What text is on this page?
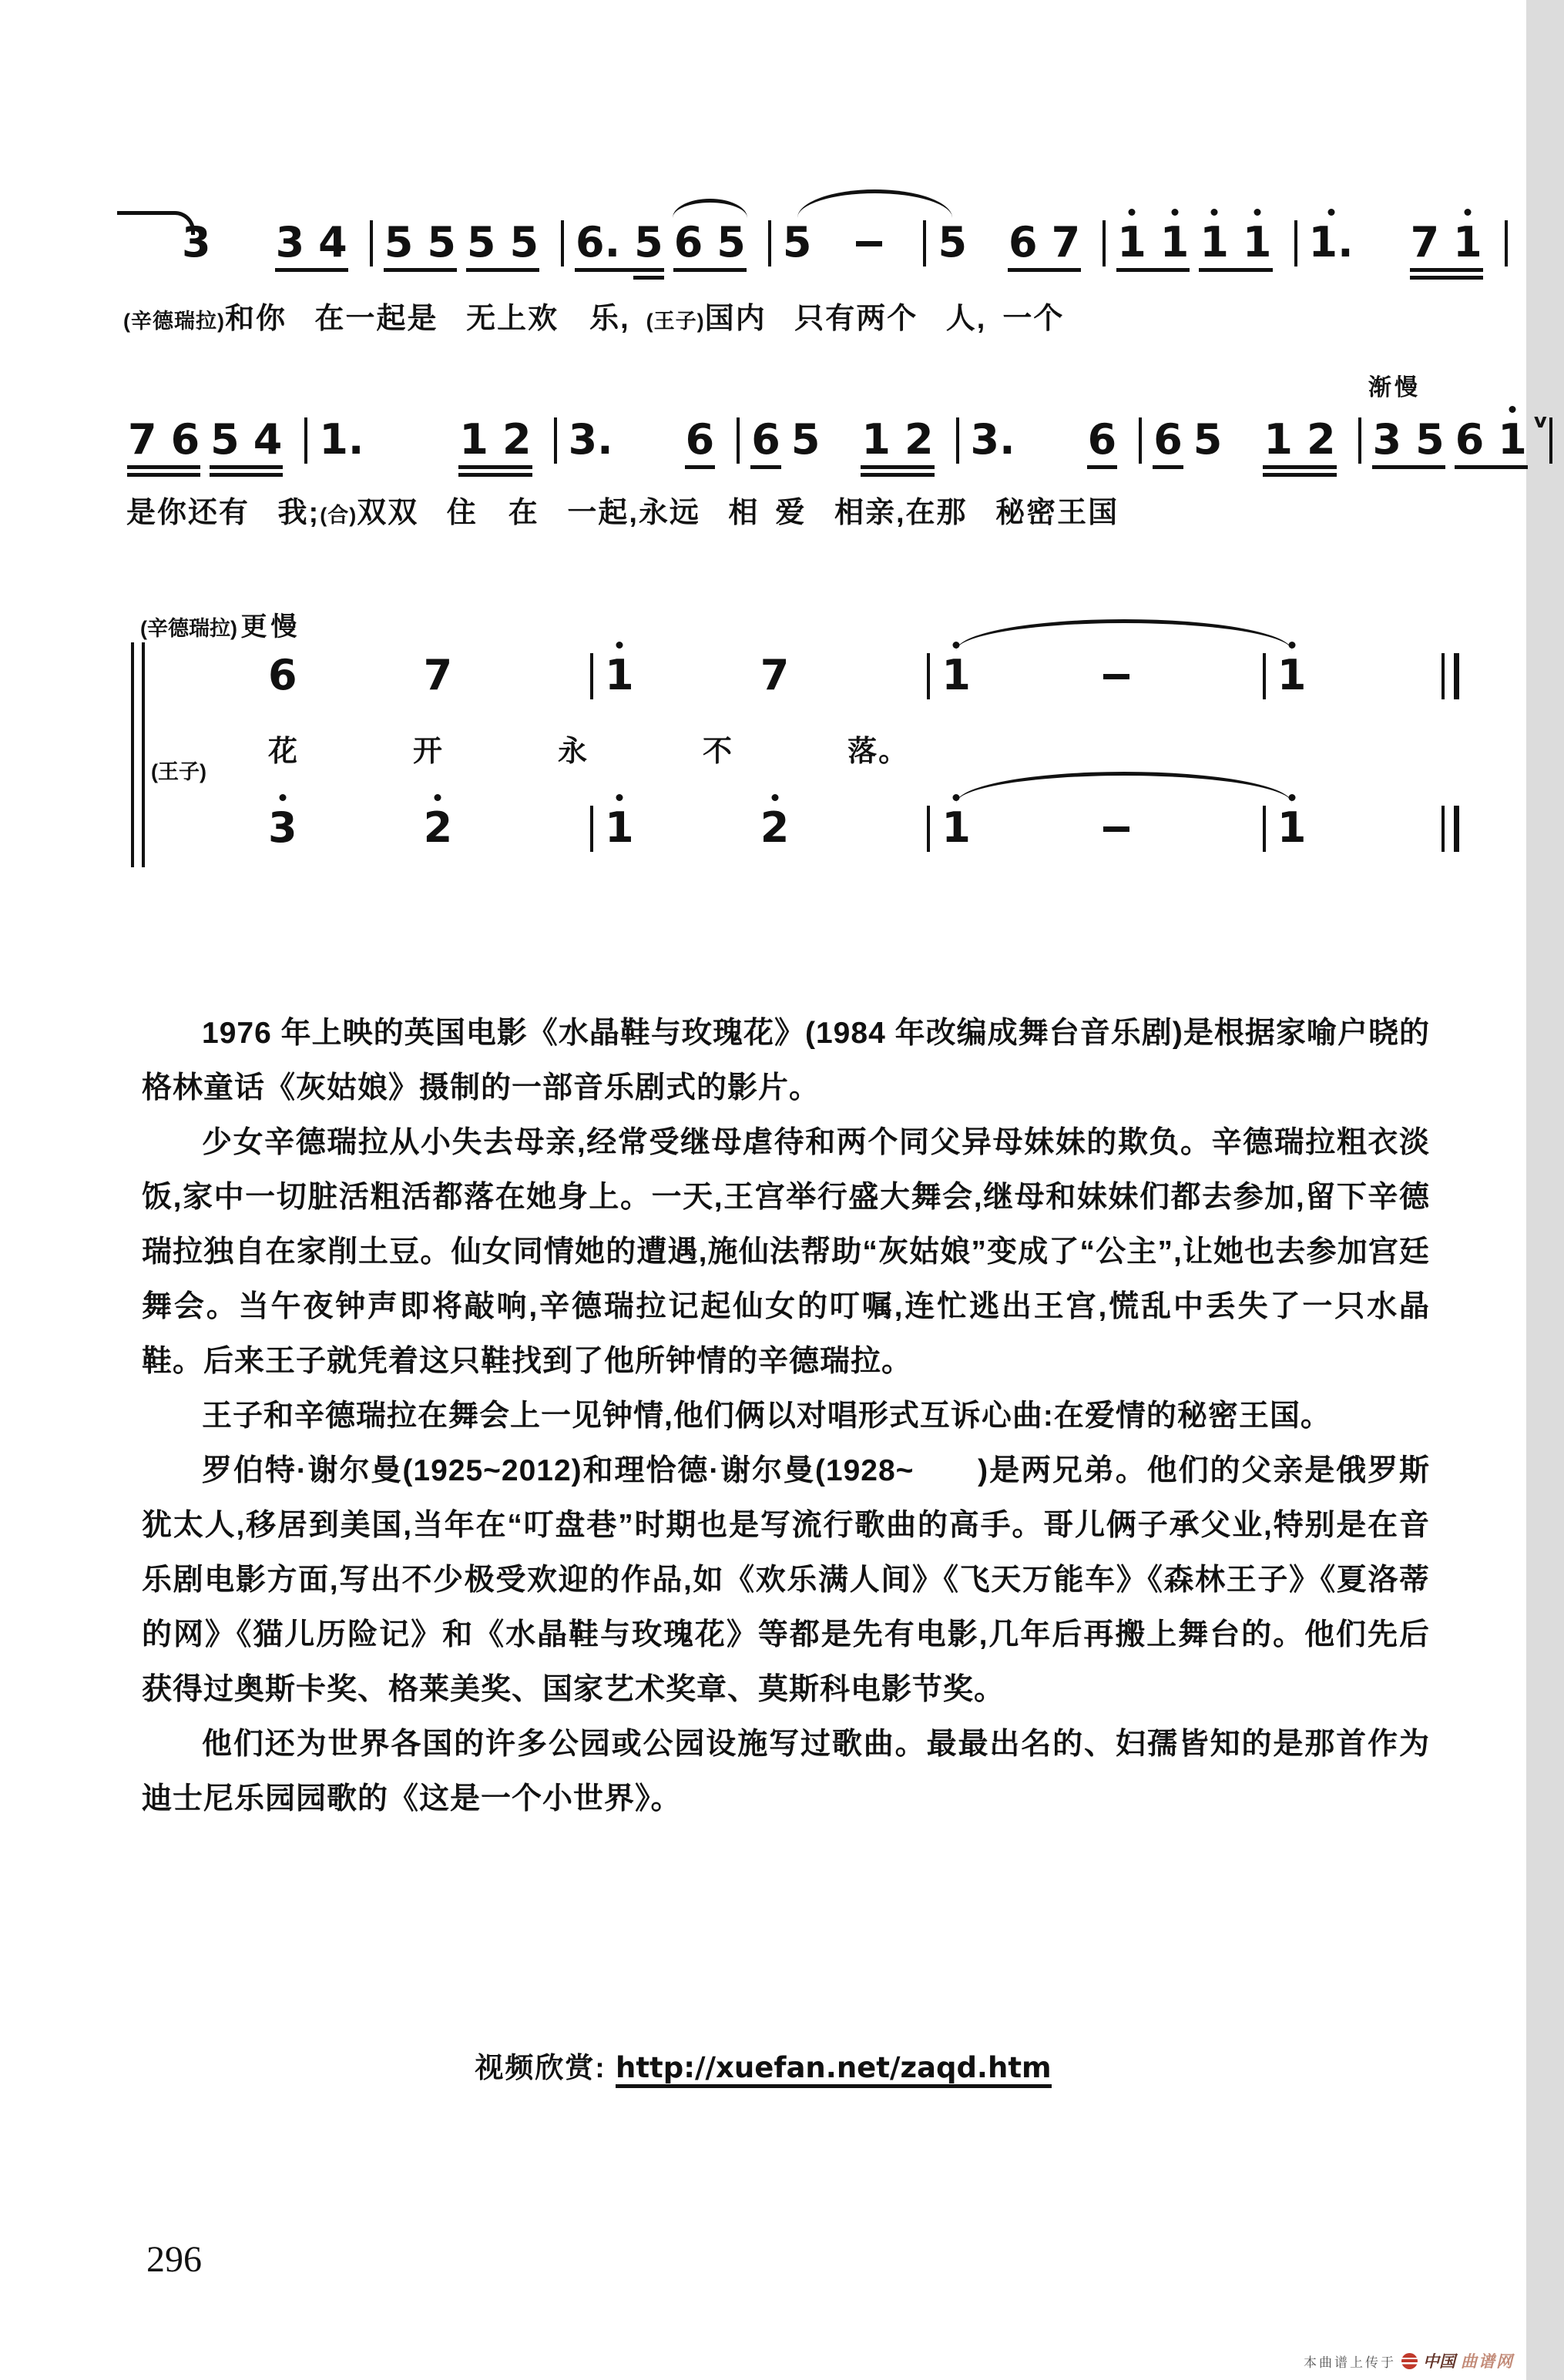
3 3 4 5 5 5 5 6. 5 6 5 5	5 6 7 1 1 1 1 1. 7 1
(辛德瑞拉)和你 在一起是 无上欢 乐, (王子)国内 只有两个 人, 一个
7 6 5 4 1. 1 2 3. 6 6 5 1 2 3. 6 6 5 1 2 3 5 6 1 v
渐慢
是你还有 我;(合)双双 住 在 一起,永远 相 爱 相亲,在那 秘密王国
(辛德瑞拉) 更慢
6	7	1	7	1	1
花	开	永	不	落。
(王子)
3	2	1	2	1	1

1976 年上映的英国电影《水晶鞋与玫瑰花》(1984 年改编成舞台音乐剧)是根据家喻户晓的格林童话《灰姑娘》摄制的一部音乐剧式的影片。

少女辛德瑞拉从小失去母亲,经常受继母虐待和两个同父异母妹妹的欺负。辛德瑞拉粗衣淡饭,家中一切脏活粗活都落在她身上。一天,王宫举行盛大舞会,继母和妹妹们都去参加,留下辛德瑞拉独自在家削土豆。仙女同情她的遭遇,施仙法帮助“灰姑娘”变成了“公主”,让她也去参加宫廷舞会。当午夜钟声即将敲响,辛德瑞拉记起仙女的叮嘱,连忙逃出王宫,慌乱中丢失了一只水晶鞋。后来王子就凭着这只鞋找到了他所钟情的辛德瑞拉。

王子和辛德瑞拉在舞会上一见钟情,他们俩以对唱形式互诉心曲:在爱情的秘密王国。

罗伯特·谢尔曼(1925~2012)和理恰德·谢尔曼(1928~　　)是两兄弟。他们的父亲是俄罗斯犹太人,移居到美国,当年在“叮盘巷”时期也是写流行歌曲的高手。哥儿俩子承父业,特别是在音乐剧电影方面,写出不少极受欢迎的作品,如《欢乐满人间》《飞天万能车》《森林王子》《夏洛蒂的网》《猫儿历险记》和《水晶鞋与玫瑰花》等都是先有电影,几年后再搬上舞台的。他们先后获得过奥斯卡奖、格莱美奖、国家艺术奖章、莫斯科电影节奖。

他们还为世界各国的许多公园或公园设施写过歌曲。最最出名的、妇孺皆知的是那首作为迪士尼乐园园歌的《这是一个小世界》。

视频欣赏: http://xuefan.net/zaqd.htm
296
本曲谱上传于 中国 曲谱网
